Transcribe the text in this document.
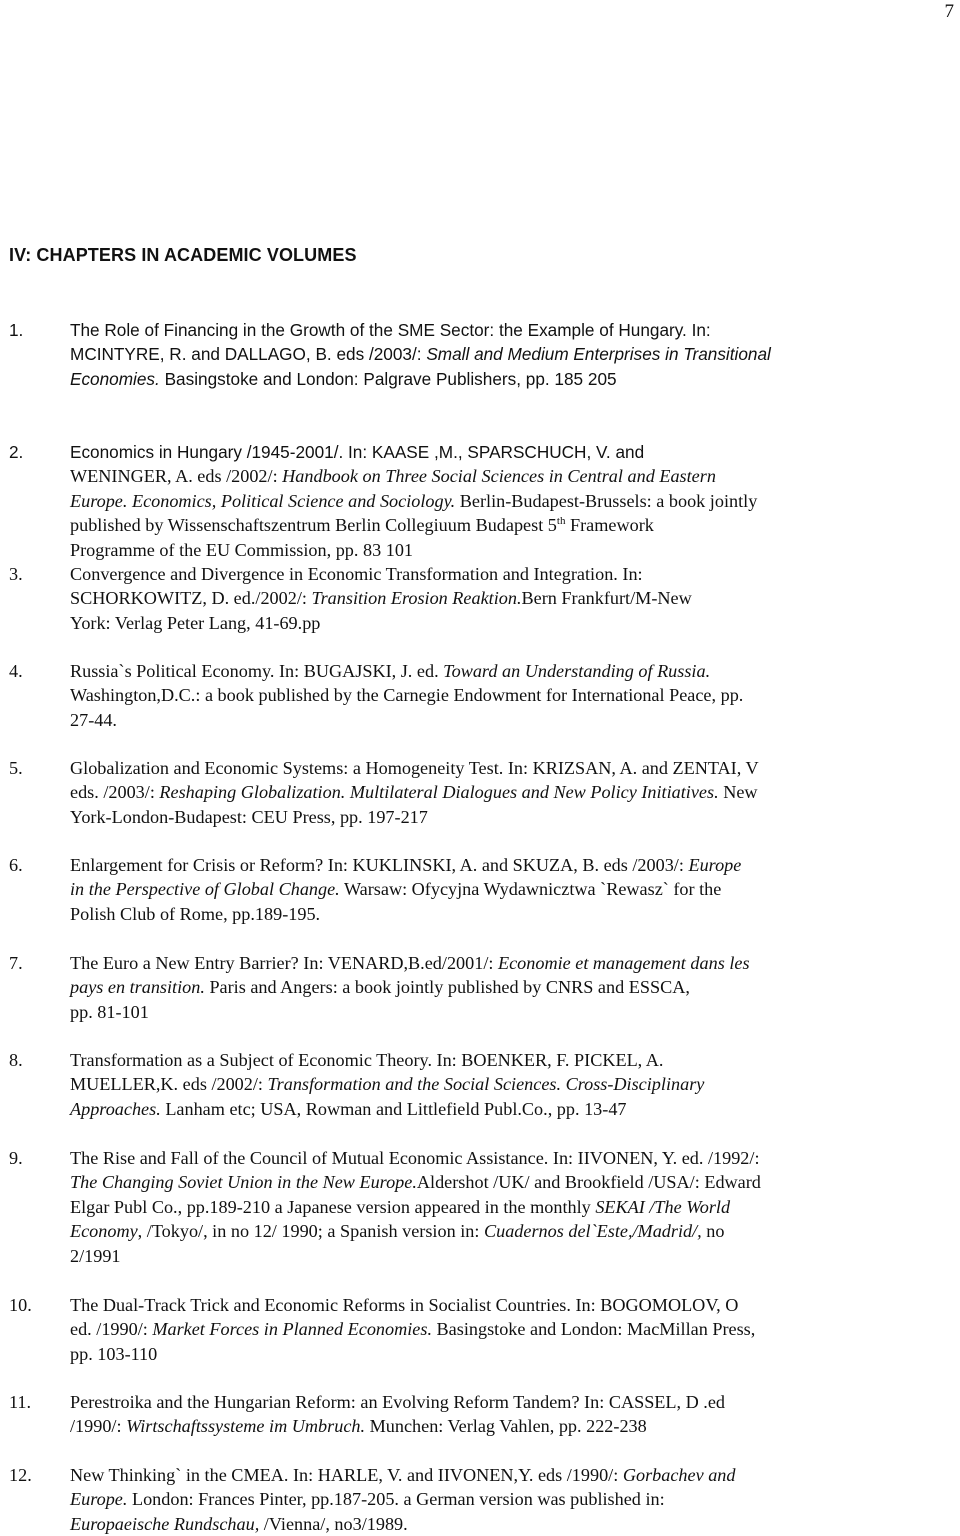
7
IV: CHAPTERS IN ACADEMIC VOLUMES
1.	The Role of Financing in the Growth of the SME Sector: the Example of Hungary. In:
MCINTYRE, R. and DALLAGO, B. eds /2003/: Small and Medium Enterprises in Transitional
Economies. Basingstoke and London: Palgrave Publishers, pp. 185 205
2.	Economics in Hungary /1945-2001/. In: KAASE ,M., SPARSCHUCH, V. and
WENINGER, A. eds /2002/: Handbook on Three Social Sciences in Central and Eastern
Europe. Economics, Political Science and Sociology. Berlin-Budapest-Brussels: a book jointly
published by Wissenschaftszentrum Berlin Collegiuum Budapest 5th Framework
Programme of the EU Commission, pp. 83 101
3.	Convergence and Divergence in Economic Transformation and Integration. In:
SCHORKOWITZ, D. ed./2002/: Transition Erosion Reaktion.Bern Frankfurt/M-New
York: Verlag Peter Lang, 41-69.pp
4.	Russia`s Political Economy. In: BUGAJSKI, J. ed. Toward an Understanding of Russia.
Washington,D.C.: a book published by the Carnegie Endowment for International Peace, pp.
27-44.
5.	Globalization and Economic Systems: a Homogeneity Test. In: KRIZSAN, A. and ZENTAI, V
eds. /2003/: Reshaping Globalization. Multilateral Dialogues and New Policy Initiatives. New
York-London-Budapest: CEU Press, pp. 197-217
6.	Enlargement for Crisis or Reform? In: KUKLINSKI, A. and SKUZA, B. eds /2003/: Europe
in the Perspective of Global Change. Warsaw: Ofycyjna Wydawnicztwa `Rewasz` for the
Polish Club of Rome, pp.189-195.
7.	The Euro a New Entry Barrier? In: VENARD,B.ed/2001/: Economie et management dans les
pays en transition. Paris and Angers: a book jointly published by CNRS and ESSCA,
pp. 81-101
8.	Transformation as a Subject of Economic Theory. In: BOENKER, F. PICKEL, A.
MUELLER,K. eds /2002/: Transformation and the Social Sciences. Cross-Disciplinary
Approaches. Lanham etc; USA, Rowman and Littlefield Publ.Co., pp. 13-47
9.	The Rise and Fall of the Council of Mutual Economic Assistance. In: IIVONEN, Y. ed. /1992/:
The Changing Soviet Union in the New Europe.Aldershot /UK/ and Brookfield /USA/: Edward
Elgar Publ Co., pp.189-210 a Japanese version appeared in the monthly SEKAI /The World
Economy, /Tokyo/, in no 12/ 1990; a Spanish version in: Cuadernos del`Este,/Madrid/, no
2/1991
10. The Dual-Track Trick and Economic Reforms in Socialist Countries. In: BOGOMOLOV, O
ed. /1990/: Market Forces in Planned Economies. Basingstoke and London: MacMillan Press,
pp. 103-110
11. Perestroika and the Hungarian Reform: an Evolving Reform Tandem? In: CASSEL, D .ed
/1990/: Wirtschaftssysteme im Umbruch. Munchen: Verlag Vahlen, pp. 222-238
12. New Thinking` in the CMEA. In: HARLE, V. and IIVONEN,Y. eds /1990/: Gorbachev and
Europe. London: Frances Pinter, pp.187-205. a German version was published in:
Europaeische Rundschau, /Vienna/, no3/1989.
